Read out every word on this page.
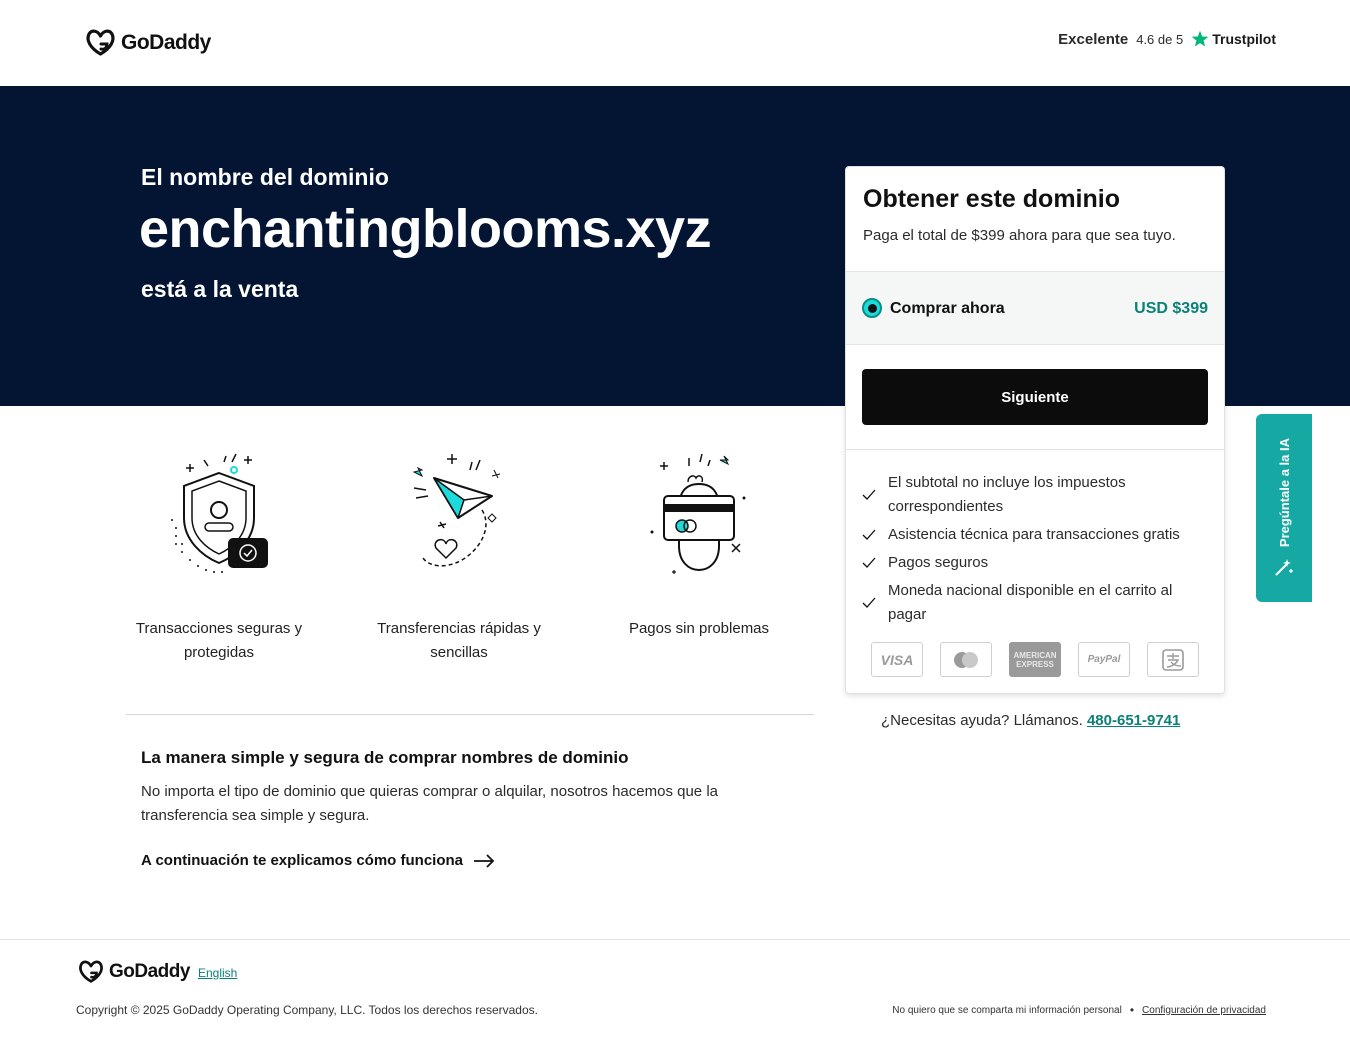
GoDaddy	Excelente 4.6 de 5 Trustpilot
El nombre del dominio
enchantingblooms.xyz
está a la venta
Transacciones seguras y protegidas
Transferencias rápidas y sencillas
Pagos sin problemas
La manera simple y segura de comprar nombres de dominio

No importa el tipo de dominio que quieras comprar o alquilar, nosotros hacemos que la transferencia sea simple y segura.

A continuación te explicamos cómo funciona
Obtener este dominio

Paga el total de $399 ahora para que sea tuyo.

Comprar ahora	USD $399
Siguiente
El subtotal no incluye los impuestos correspondientes
Asistencia técnica para transacciones gratis
Pagos seguros
Moneda nacional disponible en el carrito al pagar
VISA	AMERICAN EXPRESS	PayPal
¿Necesitas ayuda? Llámanos. 480-651-9741
Pregúntale a la IA
GoDaddy English
Copyright © 2025 GoDaddy Operating Company, LLC. Todos los derechos reservados.	No quiero que se comparta mi información personal • Configuración de privacidad
